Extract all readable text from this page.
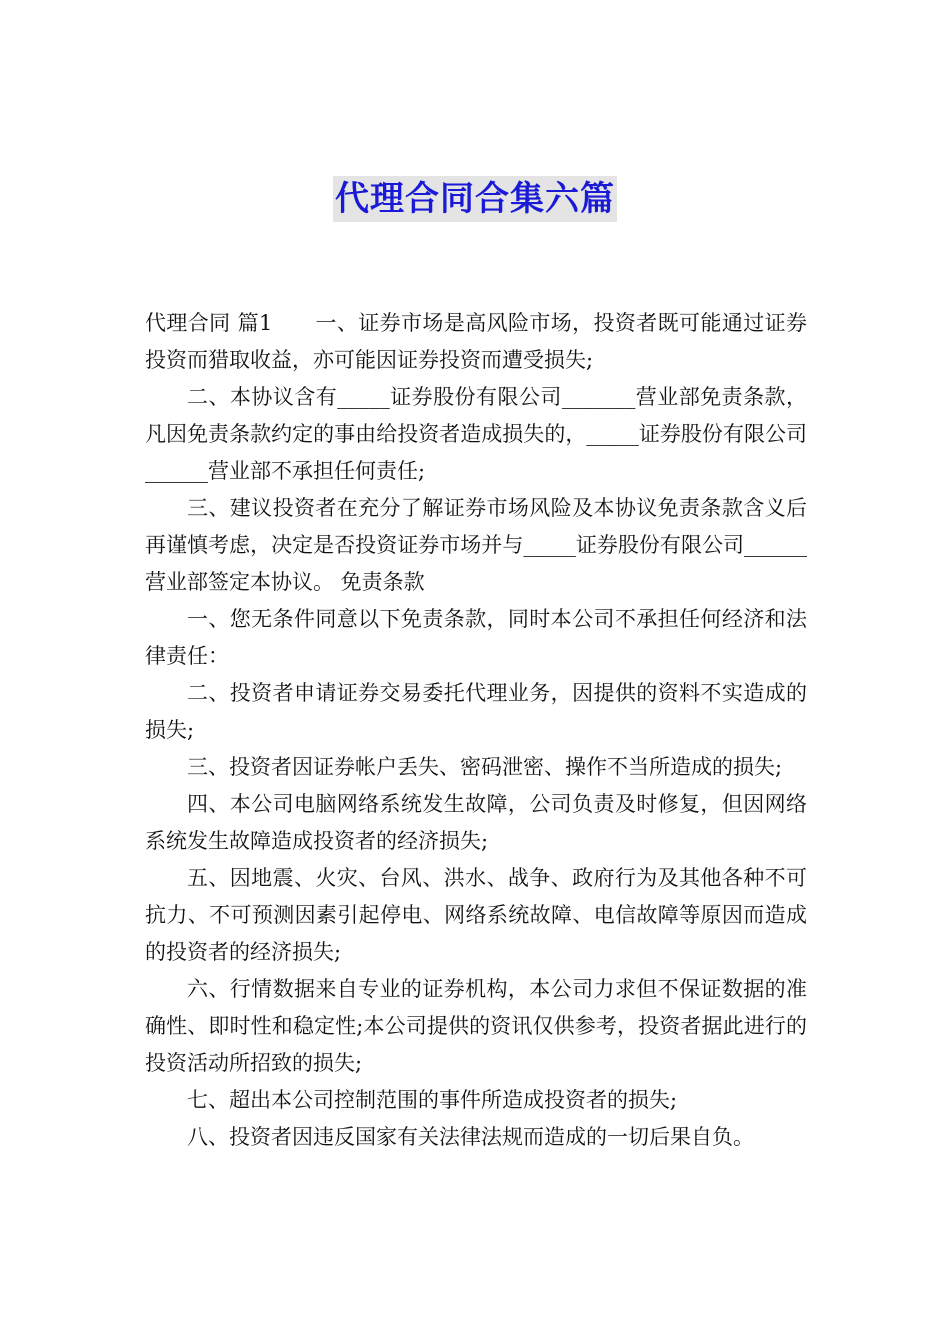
代理合同合集六篇

代理合同 篇1　　一、证券市场是高风险市场，投资者既可能通过证券投资而猎取收益，亦可能因证券投资而遭受损失;

二、本协议含有_____证券股份有限公司_______营业部免责条款，凡因免责条款约定的事由给投资者造成损失的，_____证券股份有限公司______营业部不承担任何责任;

三、建议投资者在充分了解证券市场风险及本协议免责条款含义后再谨慎考虑，决定是否投资证券市场并与_____证券股份有限公司______营业部签定本协议。 免责条款

一、您无条件同意以下免责条款，同时本公司不承担任何经济和法律责任：

二、投资者申请证券交易委托代理业务，因提供的资料不实造成的损失;

三、投资者因证券帐户丢失、密码泄密、操作不当所造成的损失;

四、本公司电脑网络系统发生故障，公司负责及时修复，但因网络系统发生故障造成投资者的经济损失;

五、因地震、火灾、台风、洪水、战争、政府行为及其他各种不可抗力、不可预测因素引起停电、网络系统故障、电信故障等原因而造成的投资者的经济损失;

六、行情数据来自专业的证券机构，本公司力求但不保证数据的准确性、即时性和稳定性;本公司提供的资讯仅供参考，投资者据此进行的投资活动所招致的损失;

七、超出本公司控制范围的事件所造成投资者的损失;

八、投资者因违反国家有关法律法规而造成的一切后果自负。
